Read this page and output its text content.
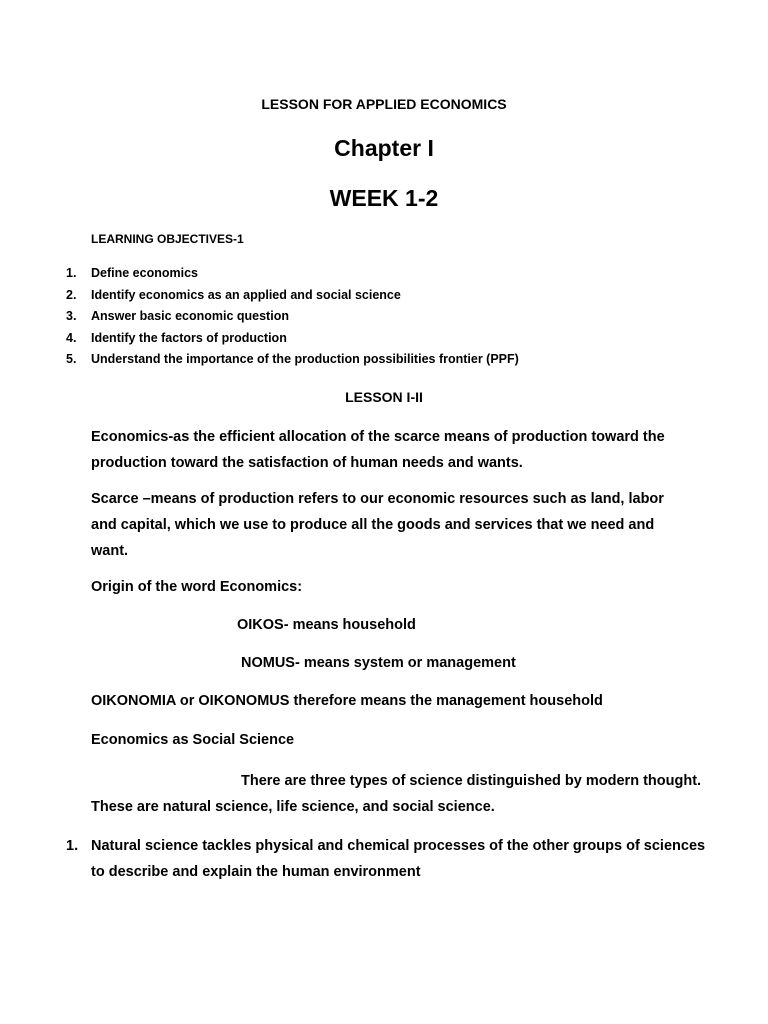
LESSON FOR APPLIED ECONOMICS
Chapter I
WEEK 1-2
LEARNING OBJECTIVES-1
1.	Define economics
2.	Identify economics as an applied and social science
3.	Answer basic economic question
4.	Identify the factors of production
5.	Understand the importance of the production possibilities frontier (PPF)
LESSON I-II

Economics-as the efficient allocation of the scarce means of production toward the production toward the satisfaction of human needs and wants.

Scarce –means of production refers to our economic resources such as land, labor and capital, which we use to produce all the goods and services that we need and want.

Origin of the word Economics:
OIKOS- means household
NOMUS- means system or management
OIKONOMIA or OIKONOMUS therefore means the management household
Economics as Social Science

There are three types of science distinguished by modern thought. These are natural science, life science, and social science.

1. Natural science tackles physical and chemical processes of the other groups of sciences to describe and explain the human environment
